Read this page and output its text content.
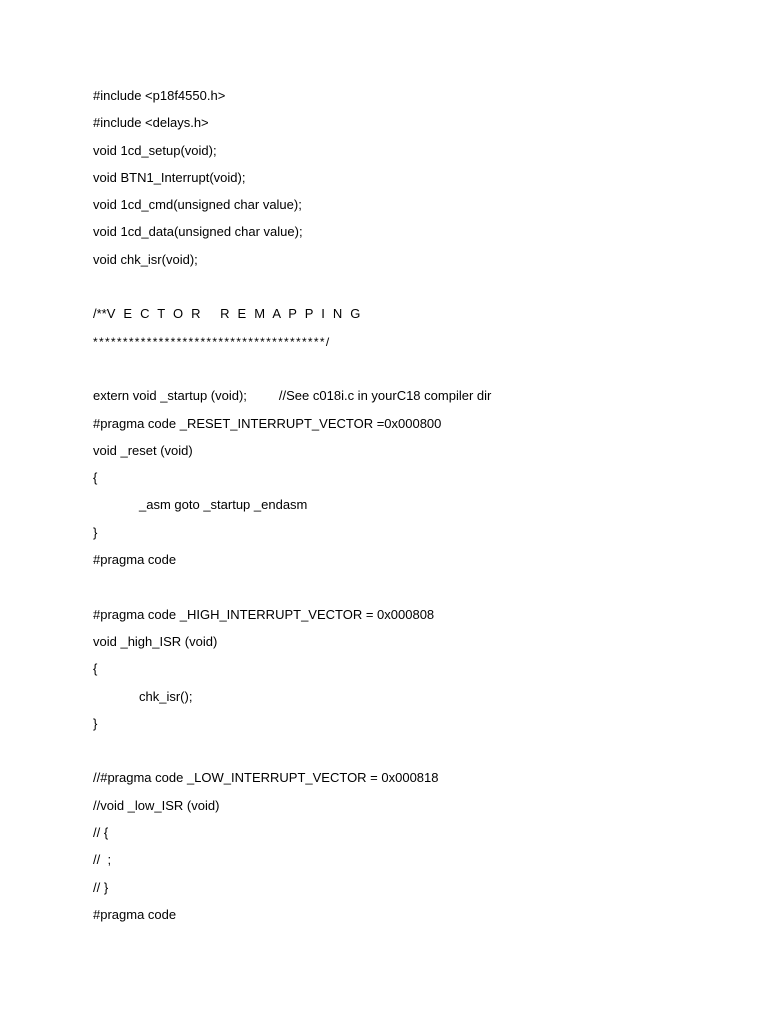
#include <p18f4550.h>
#include <delays.h>
void 1cd_setup(void);
void BTN1_Interrupt(void);
void 1cd_cmd(unsigned char value);
void 1cd_data(unsigned char value);
void chk_isr(void);
/**V E C T O R   R E M A P P I N G
***************************************/
extern void _startup (void); //See c018i.c in yourC18 compiler dir
#pragma code _RESET_INTERRUPT_VECTOR =0x000800
void _reset (void)
{
_asm goto _startup _endasm
}
#pragma code
#pragma code _HIGH_INTERRUPT_VECTOR = 0x000808
void _high_ISR (void)
{
chk_isr();
}
//#pragma code _LOW_INTERRUPT_VECTOR = 0x000818
//void _low_ISR (void)
// {
//  ;
// }
#pragma code
